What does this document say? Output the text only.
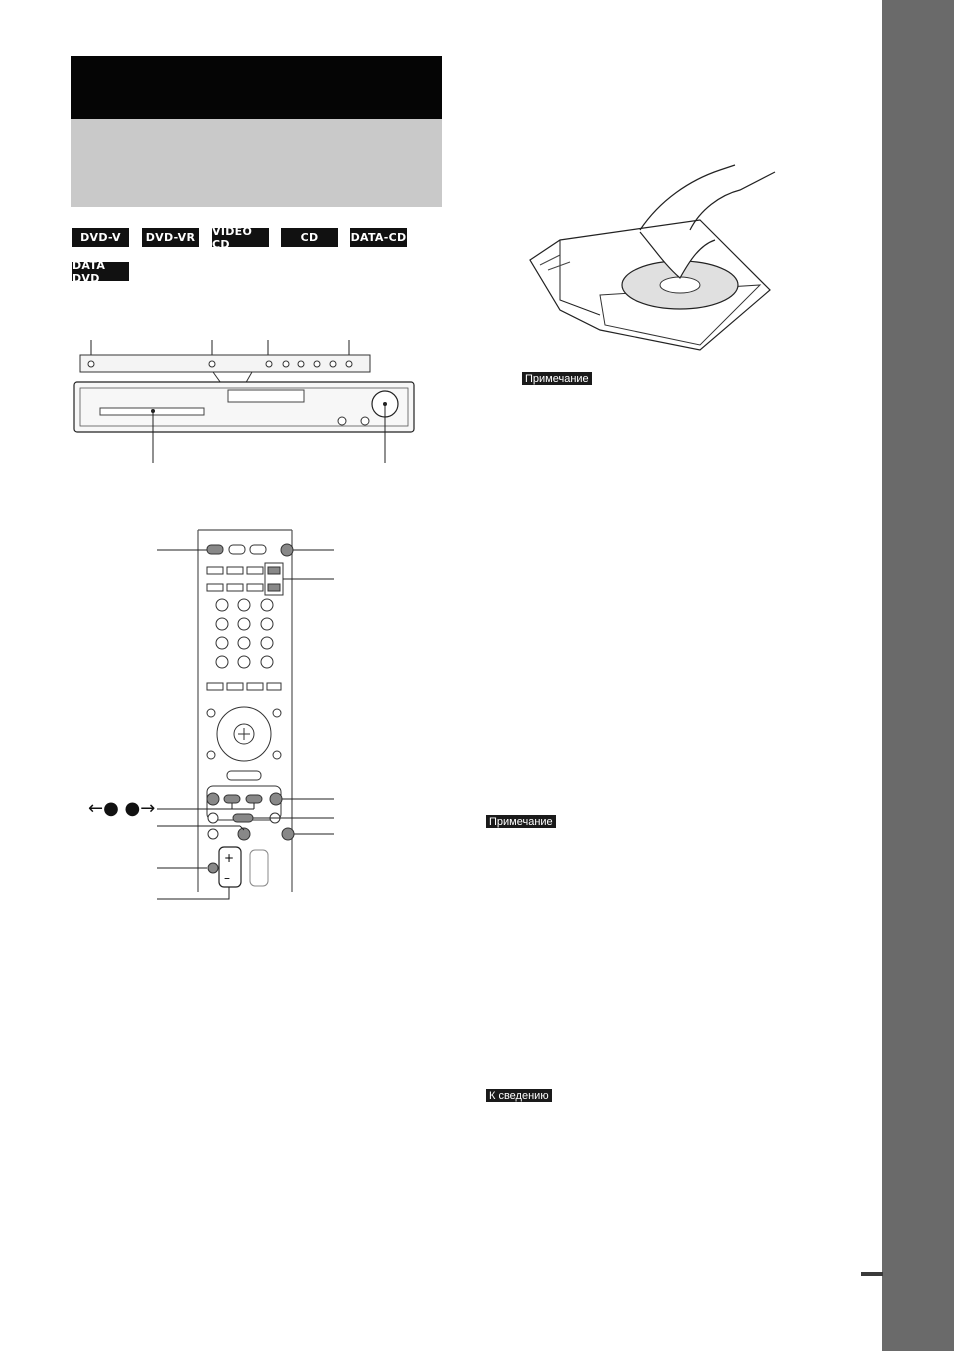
DVD-V	DVD-VR	VIDEO CD	CD	DATA-CD
DATA DVD
+
–
←● ●→
Примечание
Примечание
К сведению
